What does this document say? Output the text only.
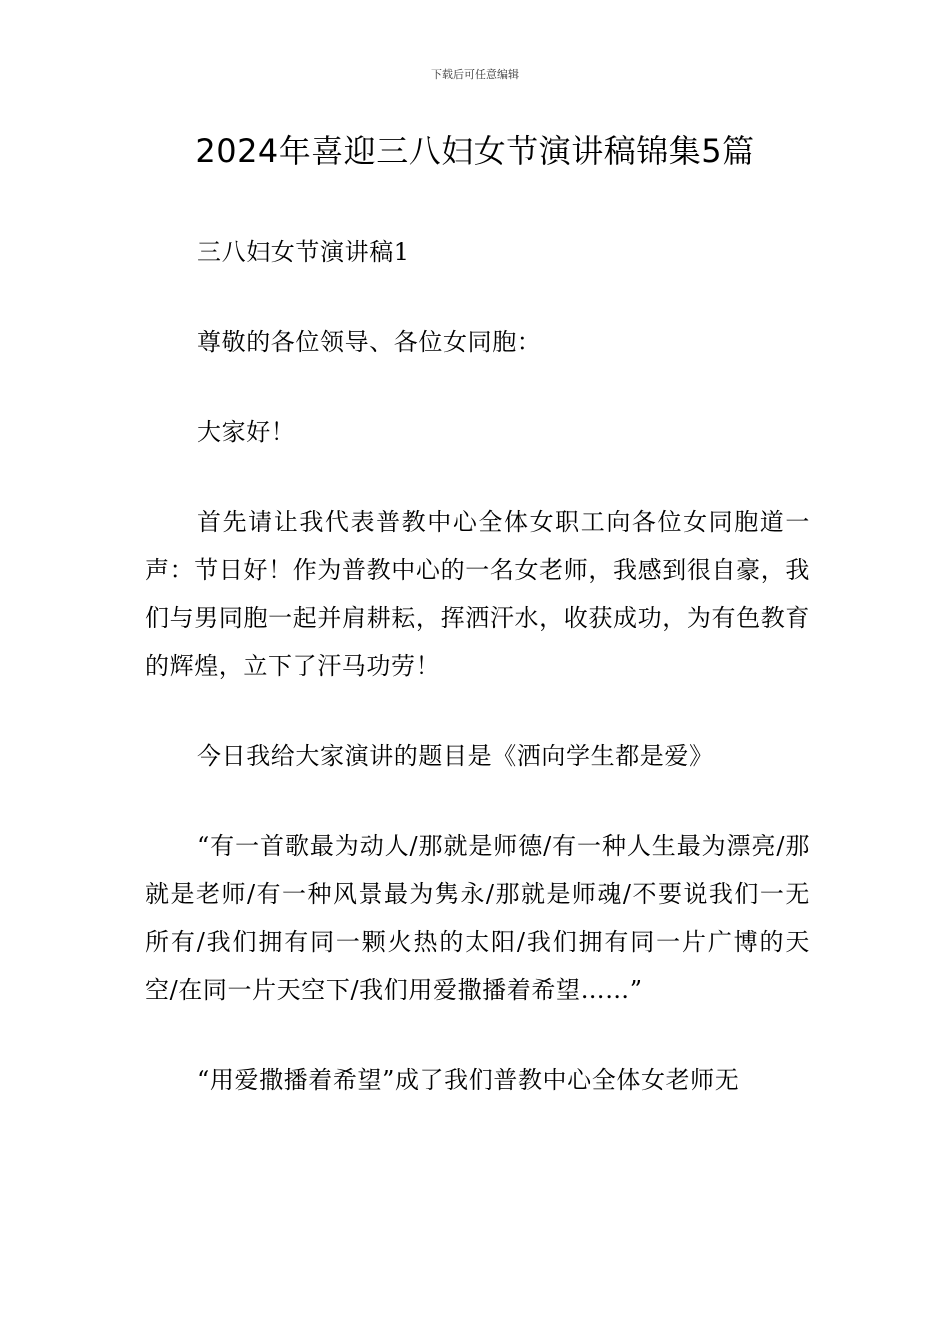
下载后可任意编辑
2024年喜迎三八妇女节演讲稿锦集5篇

三八妇女节演讲稿1

尊敬的各位领导、各位女同胞：

大家好！

首先请让我代表普教中心全体女职工向各位女同胞道一声：节日好！作为普教中心的一名女老师，我感到很自豪，我们与男同胞一起并肩耕耘，挥洒汗水，收获成功，为有色教育的辉煌，立下了汗马功劳！

今日我给大家演讲的题目是《洒向学生都是爱》

“有一首歌最为动人/那就是师德/有一种人生最为漂亮/那就是老师/有一种风景最为隽永/那就是师魂/不要说我们一无所有/我们拥有同一颗火热的太阳/我们拥有同一片广博的天空/在同一片天空下/我们用爱撒播着希望……”

“用爱撒播着希望”成了我们普教中心全体女老师无
